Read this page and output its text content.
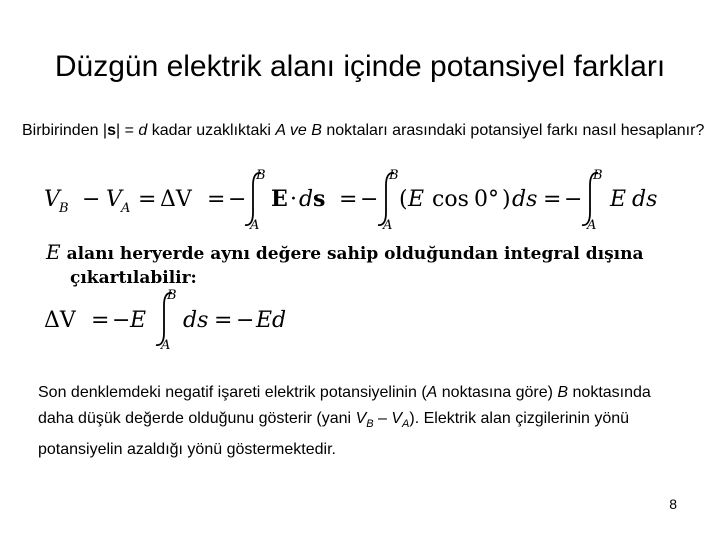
Düzgün elektrik alanı içinde potansiyel farkları
Birbirinden |s| = d kadar uzaklıktaki A ve B noktaları arasındaki potansiyel farkı nasıl hesaplanır?
V B − V A = ΔV = −
B
A
E · d s = −
B
A
( E cos 0° ) ds = −
B
A
E ds
E alanı heryerde aynı değere sahip olduğundan integral dışına
çıkartılabilir:
ΔV = − E
B
A
ds = − Ed
Son denklemdeki negatif işareti elektrik potansiyelinin (A noktasına göre) B noktasında daha düşük değerde olduğunu gösterir (yani $V_B - V_A$). Elektrik alan çizgilerinin yönü potansiyelin azaldığı yönü göstermektedir.
8
